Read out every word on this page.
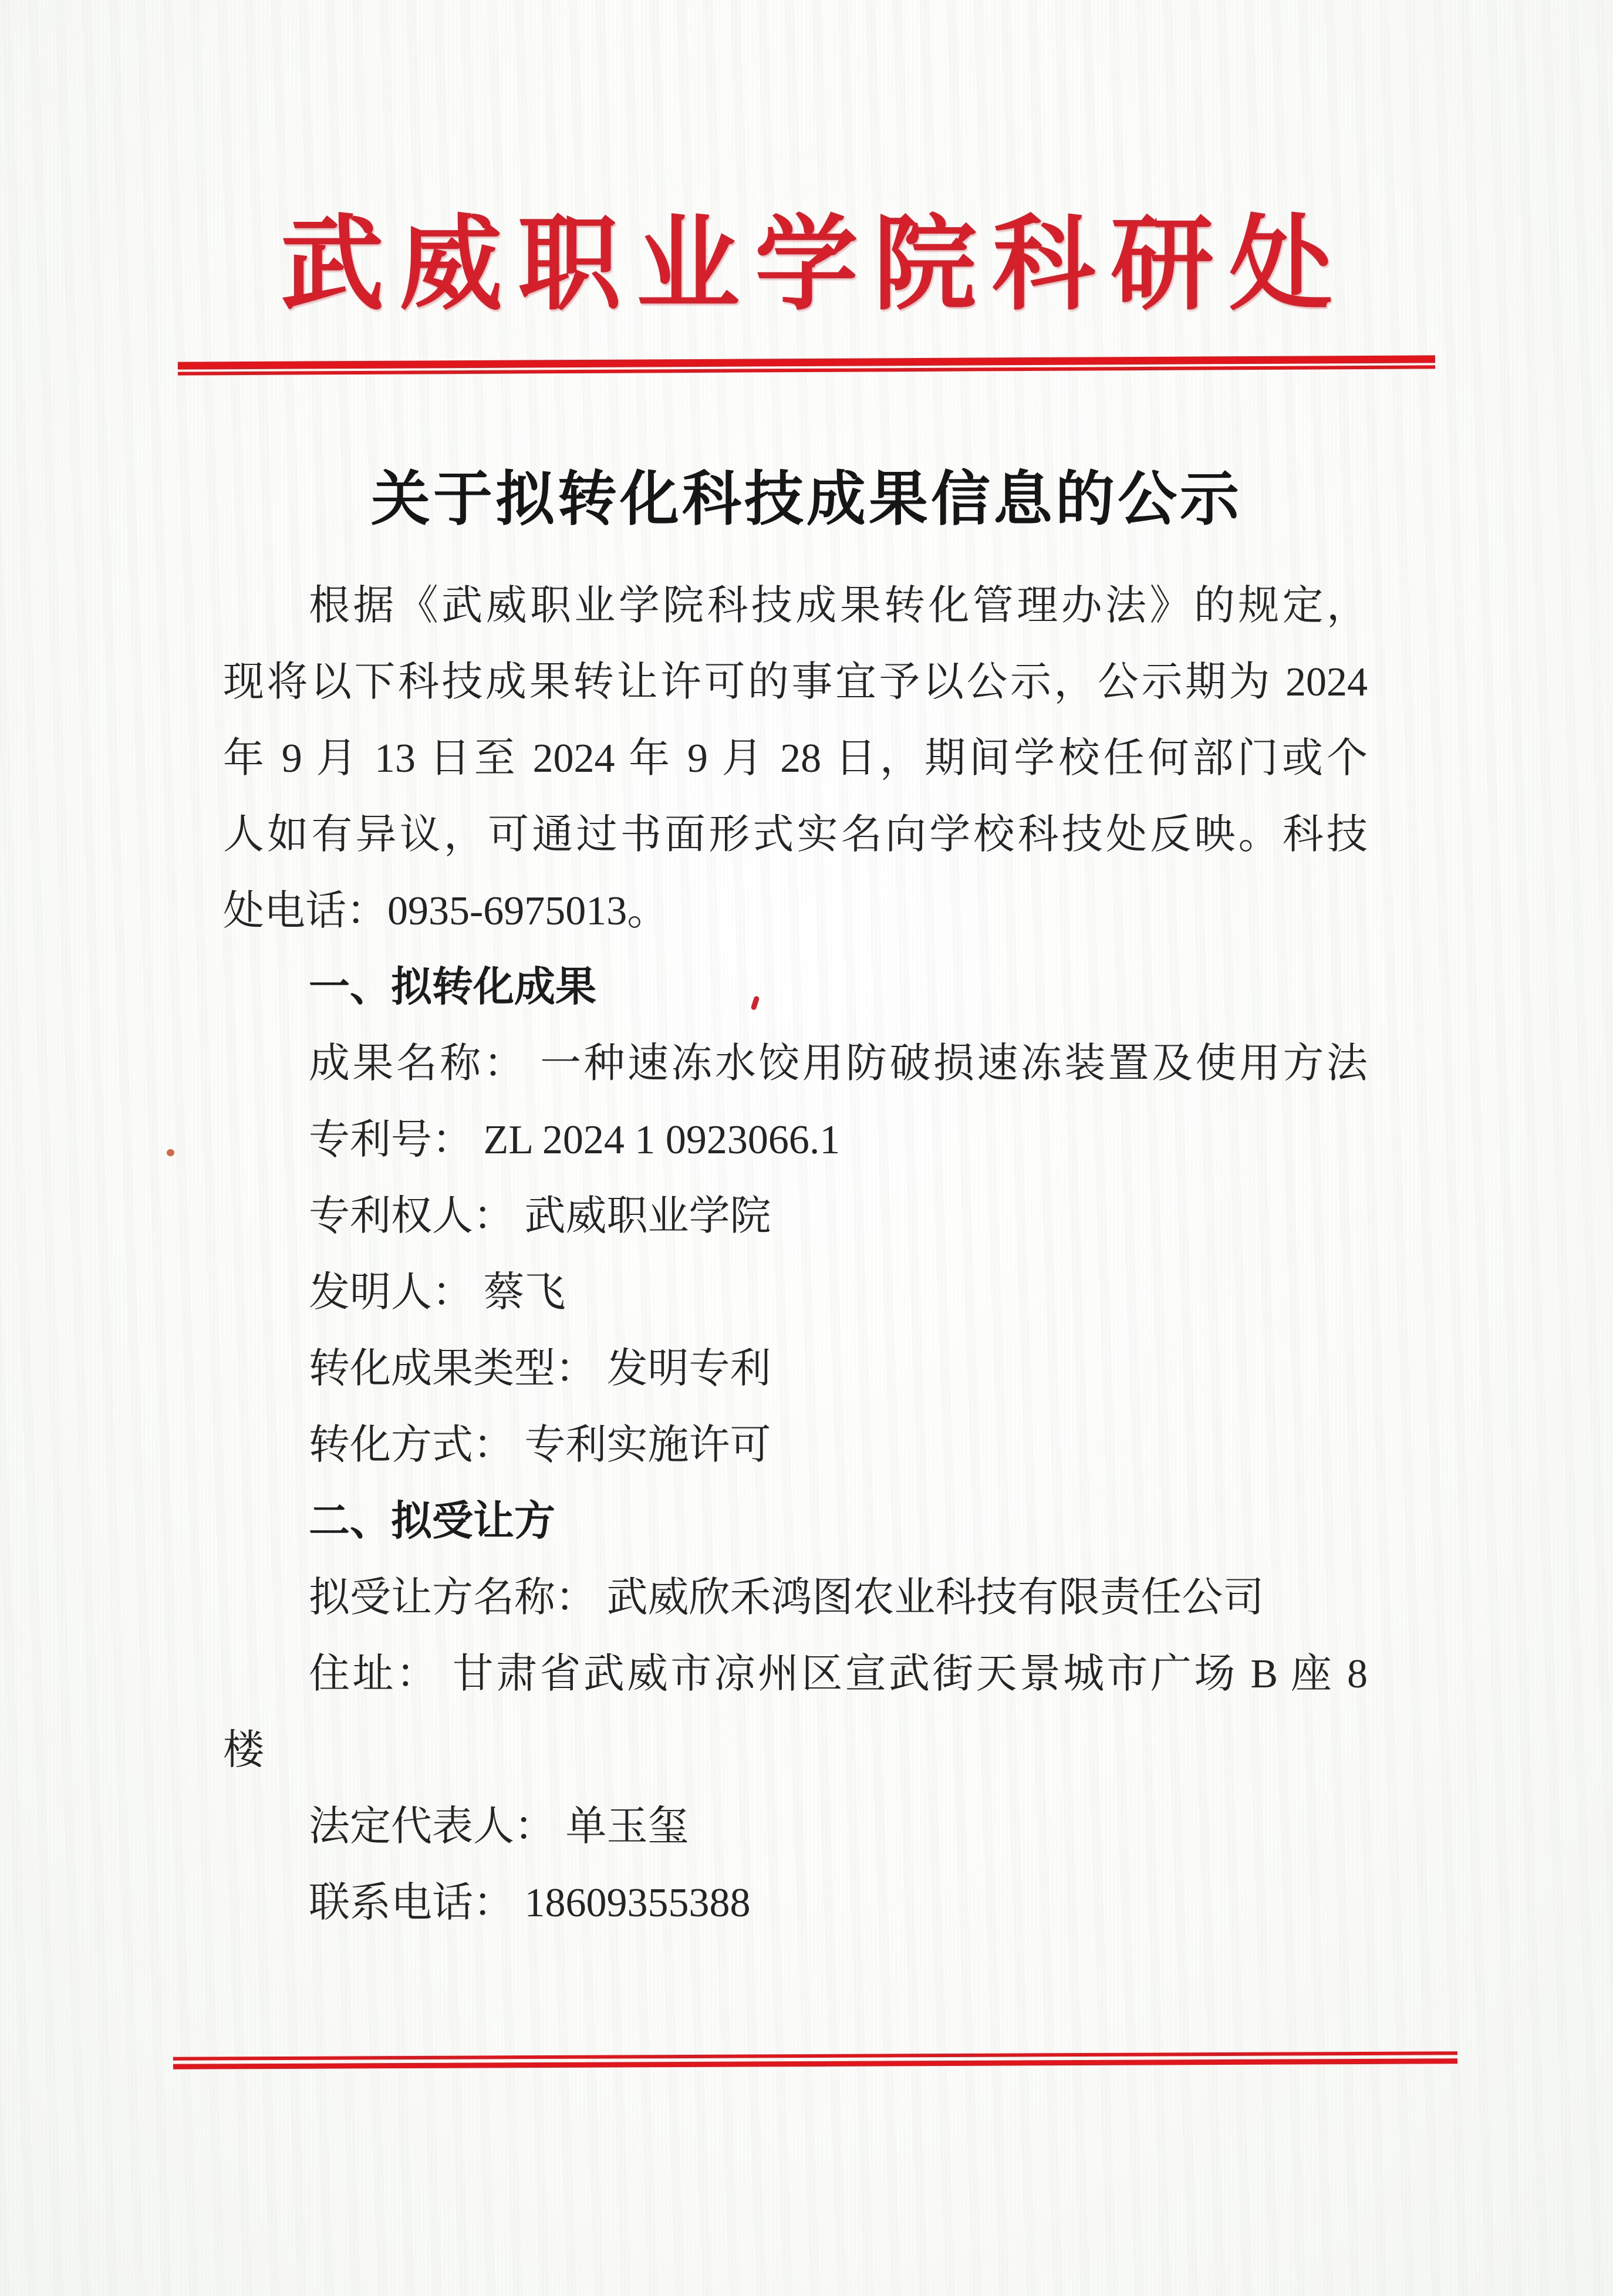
武威职业学院科研处
关于拟转化科技成果信息的公示

根据《武威职业学院科技成果转化管理办法》的规定，

现将以下科技成果转让许可的事宜予以公示，公示期为 2024

年 9 月 13 日至 2024 年 9 月 28 日，期间学校任何部门或个

人如有异议，可通过书面形式实名向学校科技处反映。科技

处电话：0935-6975013。

一、拟转化成果

成果名称： 一种速冻水饺用防破损速冻装置及使用方法

专利号： ZL 2024 1 0923066.1

专利权人： 武威职业学院

发明人： 蔡飞

转化成果类型： 发明专利

转化方式： 专利实施许可

二、拟受让方

拟受让方名称： 武威欣禾鸿图农业科技有限责任公司

住址： 甘肃省武威市凉州区宣武街天景城市广场 B 座 8

楼

法定代表人： 单玉玺

联系电话： 18609355388
